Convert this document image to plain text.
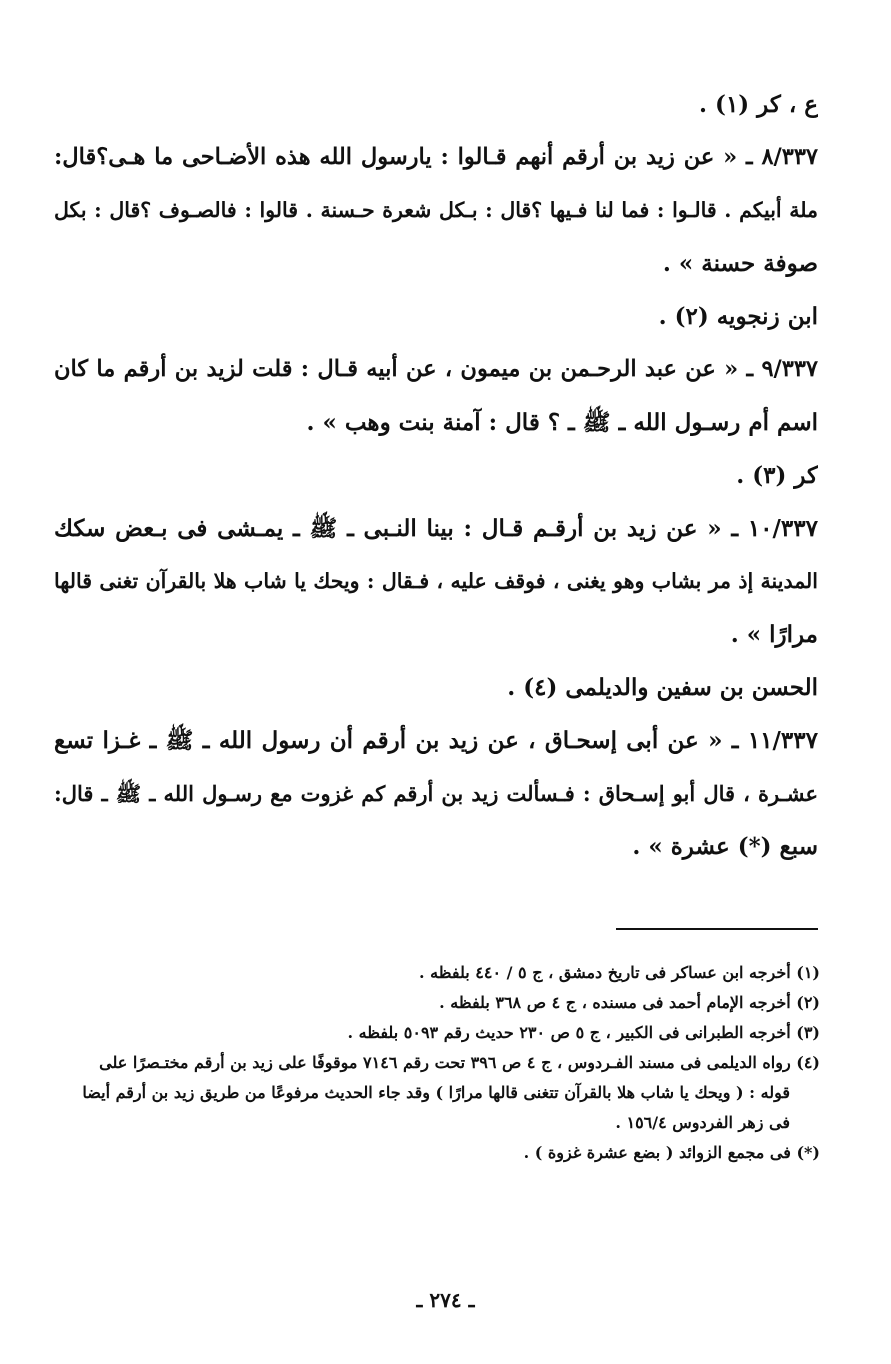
ع ، كر (١) .
٨/٣٣٧ ـ « عن زيد بن أرقم أنهم قـالوا : يارسول الله هذه الأضـاحى ما هـى؟قال:
ملة أبيكم . قالـوا : فما لنا فـيها ؟قال : بـكل شعرة حـسنة . قالوا : فالصـوف ؟قال : بكل
صوفة حسنة » .
ابن زنجويه (٢) .
٩/٣٣٧ ـ « عن عبد الرحـمن بن ميمون ، عن أبيه قـال : قلت لزيد بن أرقم ما كان
اسم أم رسـول الله ـ ﷺ ـ ؟ قال : آمنة بنت وهب » .
كر (٣) .
١٠/٣٣٧ ـ « عن زيد بن أرقـم قـال : بينا النـبى ـ ﷺ ـ يمـشى فى بـعض سكك
المدينة إذ مر بشاب وهو يغنى ، فوقف عليه ، فـقال : ويحك يا شاب هلا بالقرآن تغنى قالها
مرارًا » .
الحسن بن سفين والديلمى (٤) .
١١/٣٣٧ ـ « عن أبى إسحـاق ، عن زيد بن أرقم أن رسول الله ـ ﷺ ـ غـزا تسع
عشـرة ، قال أبو إسـحاق : فـسألت زيد بن أرقم كم غزوت مع رسـول الله ـ ﷺ ـ قال:
سبع (*) عشرة » .
(١) أخرجه ابن عساكر فى تاريخ دمشق ، ج ٥ / ٤٤٠ بلفظه .
(٢) أخرجه الإمام أحمد فى مسنده ، ج ٤ ص ٣٦٨ بلفظه .
(٣) أخرجه الطبرانى فى الكبير ، ج ٥ ص ٢٣٠ حديث رقم ٥٠٩٣ بلفظه .
(٤) رواه الديلمى فى مسند الفـردوس ، ج ٤ ص ٣٩٦ تحت رقم ٧١٤٦ موقوفًا على زيد بن أرقم مختـصرًا على
قوله : ( ويحك يا شاب هلا بالقرآن تتغنى قالها مرارًا ) وقد جاء الحديث مرفوعًا من طريق زيد بن أرقم أيضا
فى زهر الفردوس ١٥٦/٤ .
(*) فى مجمع الزوائد ( بضع عشرة غزوة ) .
ـ ٢٧٤ ـ
